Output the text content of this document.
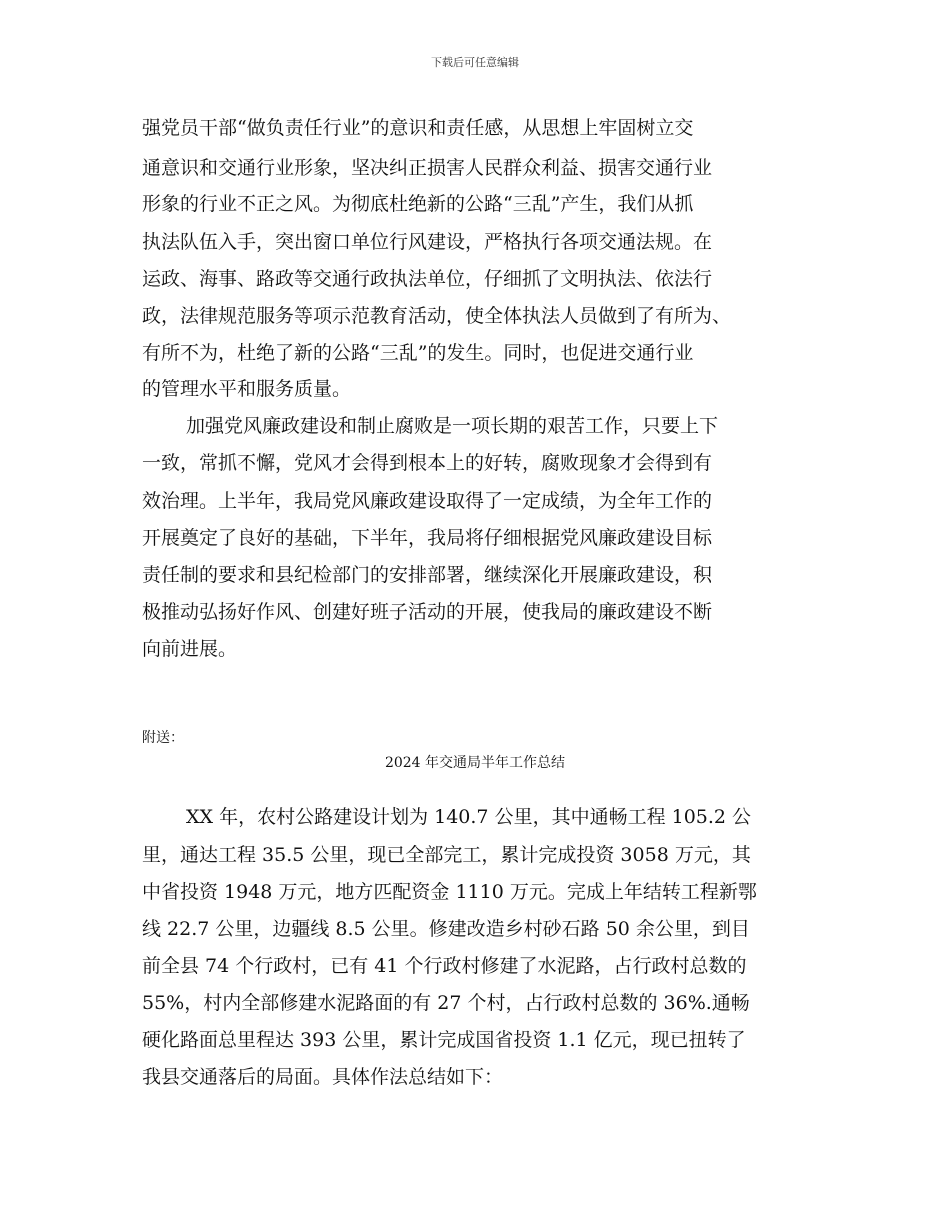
下载后可任意编辑
强党员干部“做负责任行业”的意识和责任感，从思想上牢固树立交
通意识和交通行业形象，坚决纠正损害人民群众利益、损害交通行业
形象的行业不正之风。为彻底杜绝新的公路“三乱”产生，我们从抓
执法队伍入手，突出窗口单位行风建设，严格执行各项交通法规。在
运政、海事、路政等交通行政执法单位，仔细抓了文明执法、依法行
政，法律规范服务等项示范教育活动，使全体执法人员做到了有所为、
有所不为，杜绝了新的公路“三乱”的发生。同时，也促进交通行业
的管理水平和服务质量。
加强党风廉政建设和制止腐败是一项长期的艰苦工作，只要上下
一致，常抓不懈，党风才会得到根本上的好转，腐败现象才会得到有
效治理。上半年，我局党风廉政建设取得了一定成绩，为全年工作的
开展奠定了良好的基础，下半年，我局将仔细根据党风廉政建设目标
责任制的要求和县纪检部门的安排部署，继续深化开展廉政建设，积
极推动弘扬好作风、创建好班子活动的开展，使我局的廉政建设不断
向前进展。
附送：
2024 年交通局半年工作总结
XX 年，农村公路建设计划为 140.7 公里，其中通畅工程 105.2 公
里，通达工程 35.5 公里，现已全部完工，累计完成投资 3058 万元，其
中省投资 1948 万元，地方匹配资金 1110 万元。完成上年结转工程新鄂
线 22.7 公里，边疆线 8.5 公里。修建改造乡村砂石路 50 余公里，到目
前全县 74 个行政村，已有 41 个行政村修建了水泥路，占行政村总数的
55%，村内全部修建水泥路面的有 27 个村，占行政村总数的 36%.通畅
硬化路面总里程达 393 公里，累计完成国省投资 1.1 亿元，现已扭转了
我县交通落后的局面。具体作法总结如下：
